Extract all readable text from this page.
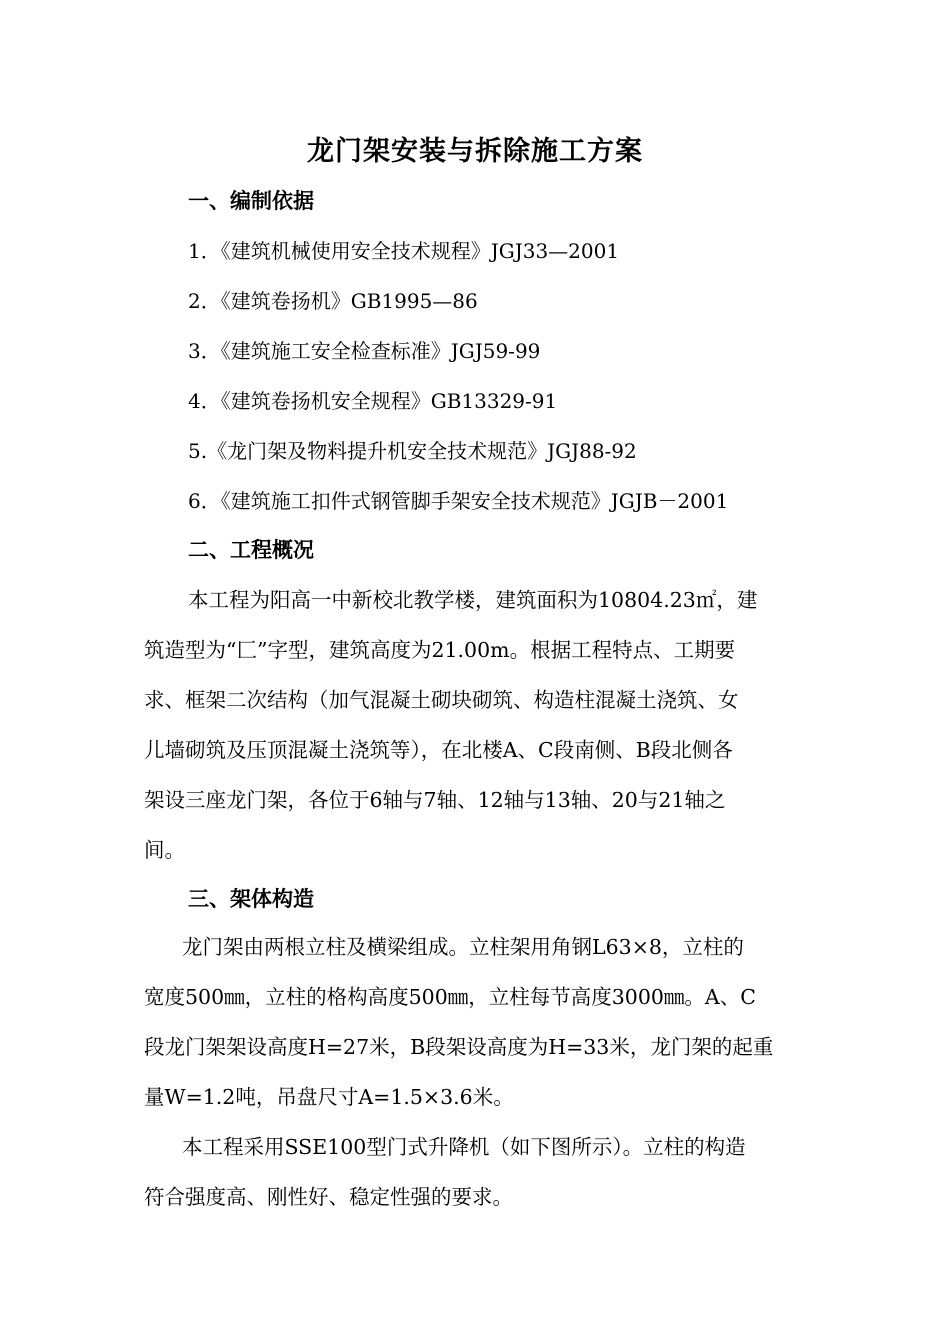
龙门架安装与拆除施工方案
一、编制依据
1．《建筑机械使用安全技术规程》JGJ33—2001
2．《建筑卷扬机》GB1995—86
3．《建筑施工安全检查标准》JGJ59-99
4．《建筑卷扬机安全规程》GB13329-91
5.《龙门架及物料提升机安全技术规范》JGJ88-92
6．《建筑施工扣件式钢管脚手架安全技术规范》JGJB－2001
二、工程概况
本工程为阳高一中新校北教学楼，建筑面积为10804.23㎡，建
筑造型为“匚”字型，建筑高度为21.00m。根据工程特点、工期要
求、框架二次结构（加气混凝土砌块砌筑、构造柱混凝土浇筑、女
儿墙砌筑及压顶混凝土浇筑等），在北楼A、C段南侧、B段北侧各
架设三座龙门架，各位于6轴与7轴、12轴与13轴、20与21轴之
间。
三、架体构造
龙门架由两根立柱及横梁组成。立柱架用角钢L63×8，立柱的
宽度500㎜，立柱的格构高度500㎜，立柱每节高度3000㎜。A、C
段龙门架架设高度H=27米，B段架设高度为H=33米，龙门架的起重
量W=1.2吨，吊盘尺寸A=1.5×3.6米。
本工程采用SSE100型门式升降机（如下图所示）。立柱的构造
符合强度高、刚性好、稳定性强的要求。
